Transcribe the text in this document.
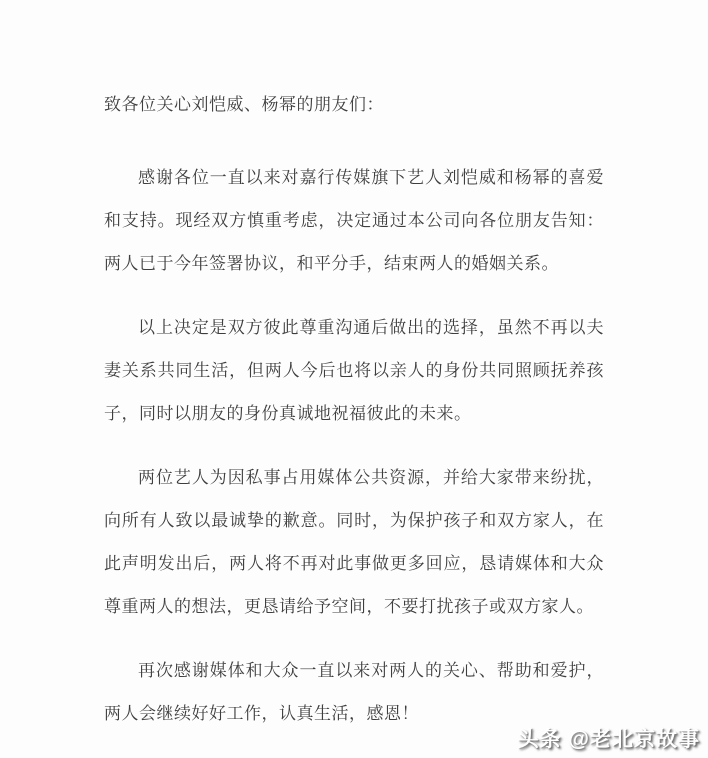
致各位关心刘恺威、杨幂的朋友们：

感谢各位一直以来对嘉行传媒旗下艺人刘恺威和杨幂的喜爱和支持。现经双方慎重考虑，决定通过本公司向各位朋友告知：两人已于今年签署协议，和平分手，结束两人的婚姻关系。

以上决定是双方彼此尊重沟通后做出的选择，虽然不再以夫妻关系共同生活，但两人今后也将以亲人的身份共同照顾抚养孩子，同时以朋友的身份真诚地祝福彼此的未来。

两位艺人为因私事占用媒体公共资源，并给大家带来纷扰，向所有人致以最诚挚的歉意。同时，为保护孩子和双方家人，在此声明发出后，两人将不再对此事做更多回应，恳请媒体和大众尊重两人的想法，更恳请给予空间，不要打扰孩子或双方家人。

再次感谢媒体和大众一直以来对两人的关心、帮助和爱护，两人会继续好好工作，认真生活，感恩！

头条 @老北京故事
